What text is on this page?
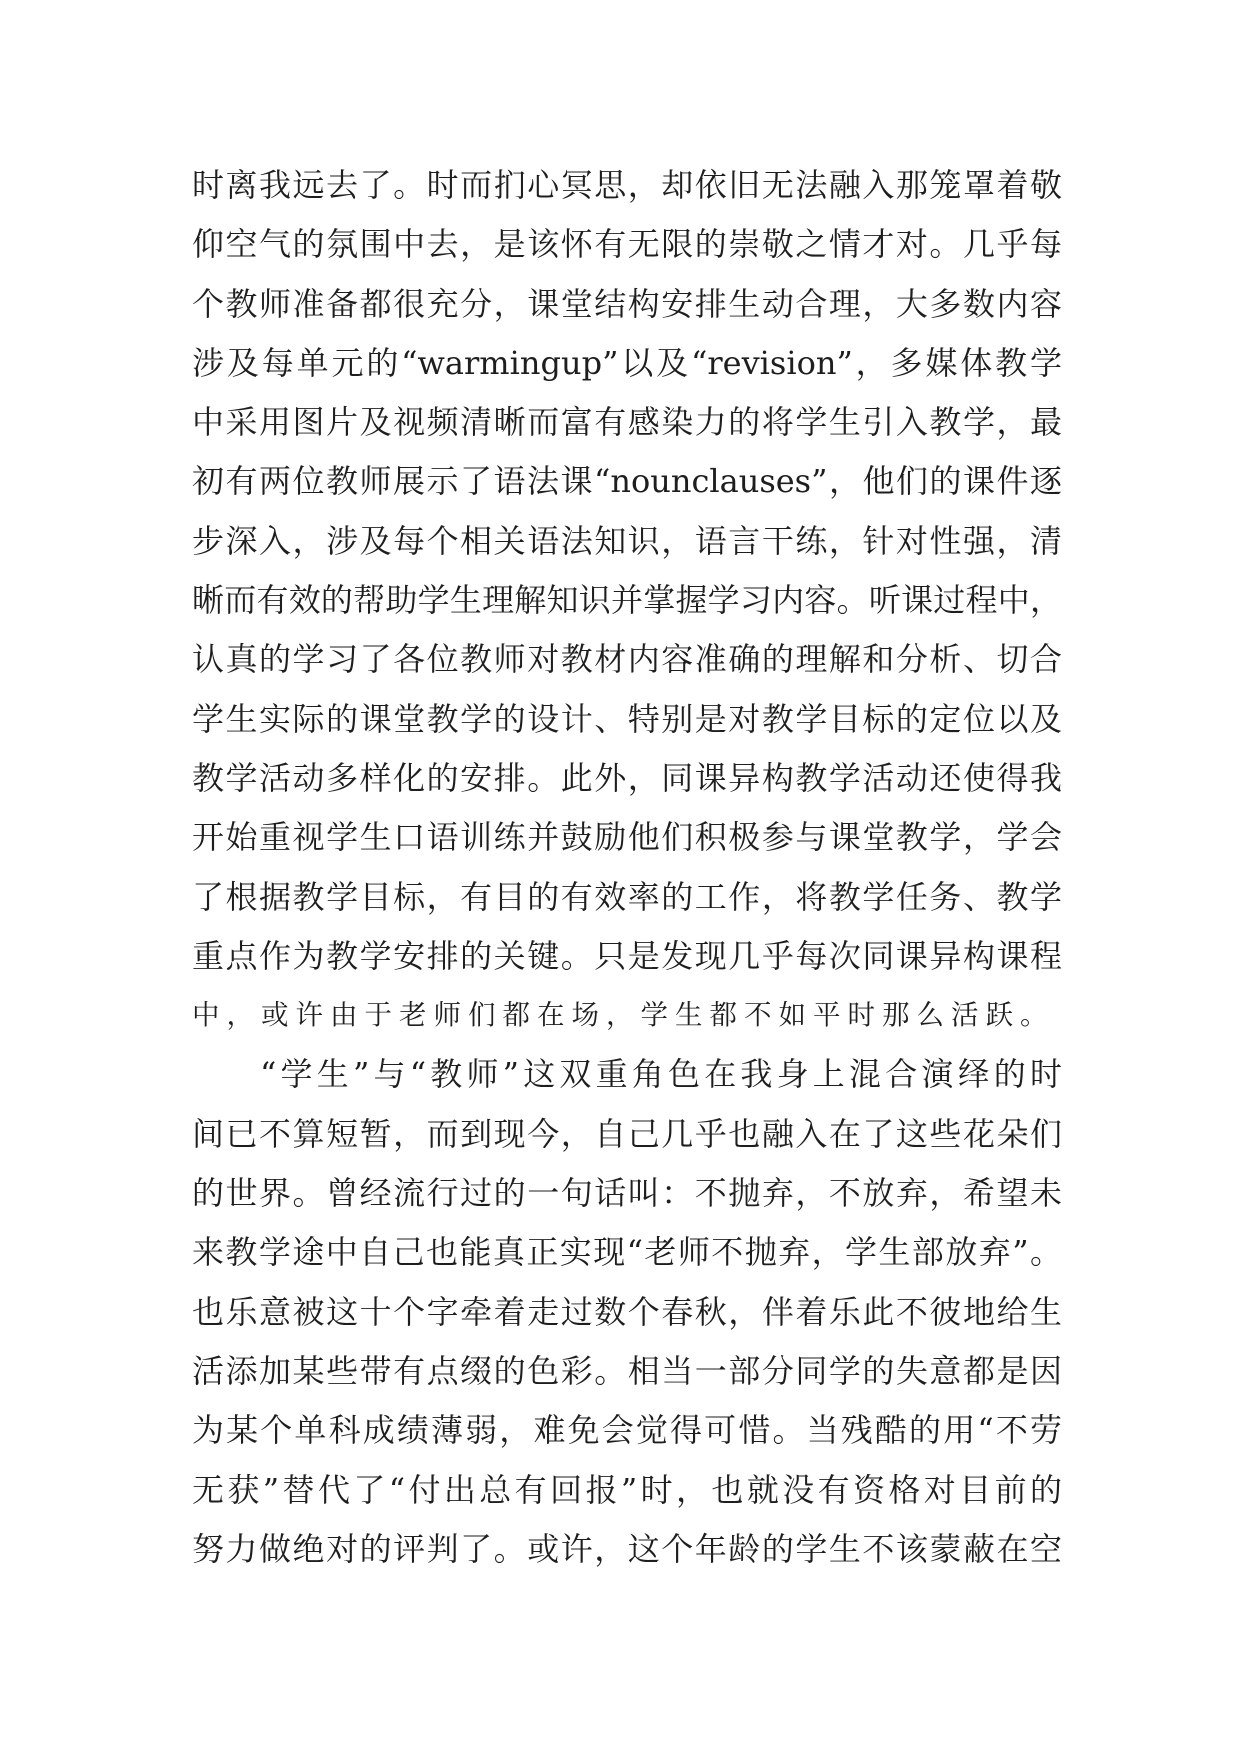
时离我远去了。时而扪心冥思，却依旧无法融入那笼罩着敬
仰空气的氛围中去，是该怀有无限的崇敬之情才对。几乎每
个教师准备都很充分，课堂结构安排生动合理，大多数内容
涉及每单元的“warmingup”以及“revision”，多媒体教学
中采用图片及视频清晰而富有感染力的将学生引入教学，最
初有两位教师展示了语法课“nounclauses”，他们的课件逐
步深入，涉及每个相关语法知识，语言干练，针对性强，清
晰而有效的帮助学生理解知识并掌握学习内容。听课过程中，
认真的学习了各位教师对教材内容准确的理解和分析、切合
学生实际的课堂教学的设计、特别是对教学目标的定位以及
教学活动多样化的安排。此外，同课异构教学活动还使得我
开始重视学生口语训练并鼓励他们积极参与课堂教学，学会
了根据教学目标，有目的有效率的工作，将教学任务、教学
重点作为教学安排的关键。只是发现几乎每次同课异构课程
中，或许由于老师们都在场，学生都不如平时那么活跃。
“学生”与“教师”这双重角色在我身上混合演绎的时
间已不算短暂，而到现今，自己几乎也融入在了这些花朵们
的世界。曾经流行过的一句话叫：不抛弃，不放弃，希望未
来教学途中自己也能真正实现“老师不抛弃，学生部放弃”。
也乐意被这十个字牵着走过数个春秋，伴着乐此不彼地给生
活添加某些带有点缀的色彩。相当一部分同学的失意都是因
为某个单科成绩薄弱，难免会觉得可惜。当残酷的用“不劳
无获”替代了“付出总有回报”时，也就没有资格对目前的
努力做绝对的评判了。或许，这个年龄的学生不该蒙蔽在空
